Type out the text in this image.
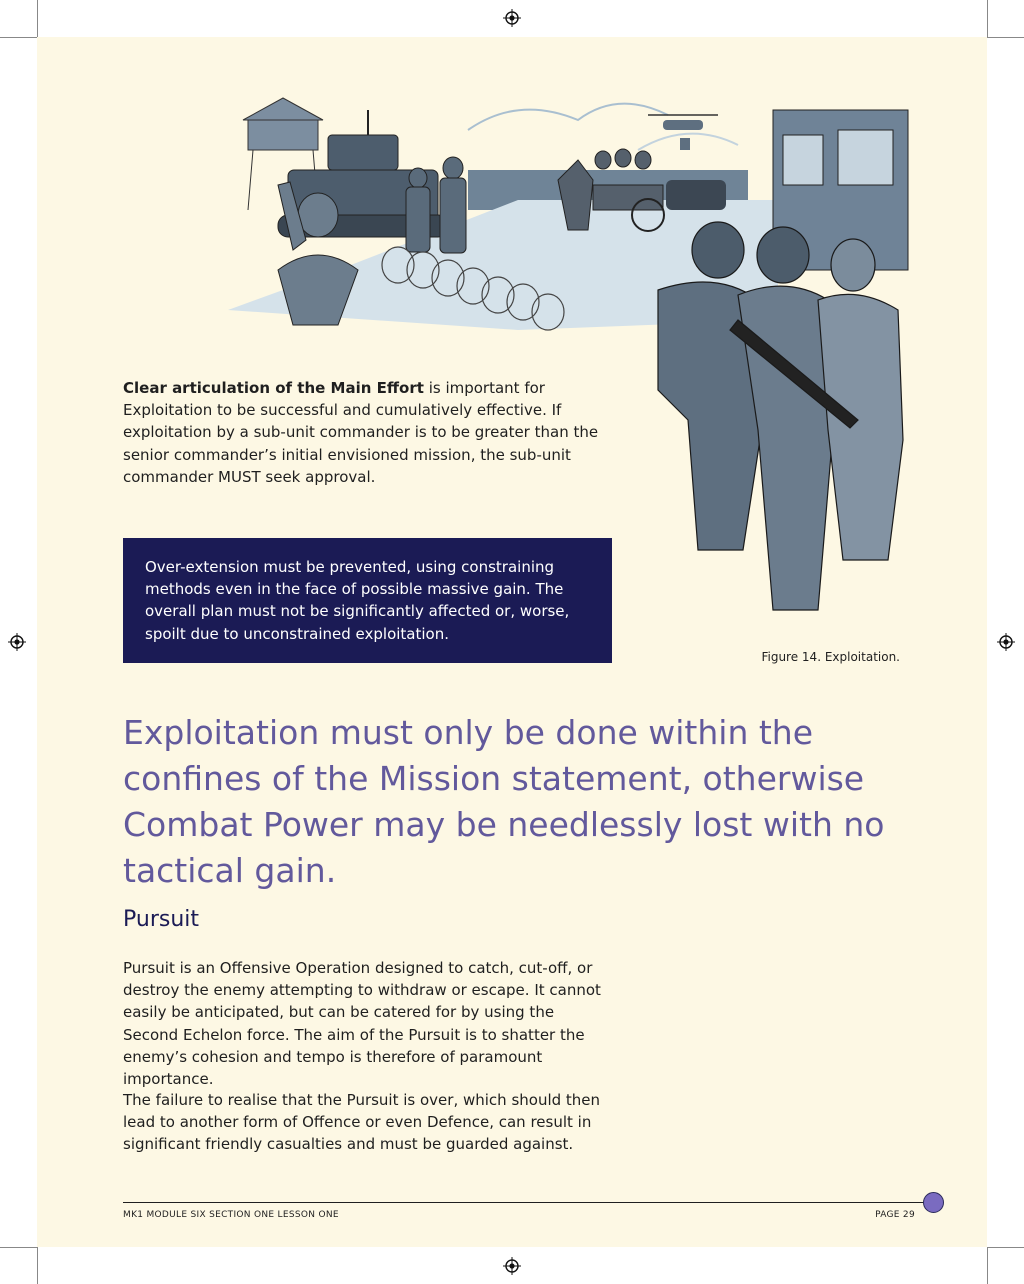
Clear articulation of the Main Effort is important for Exploitation to be successful and cumulatively effective. If exploitation by a sub-unit commander is to be greater than the senior commander’s initial envisioned mission, the sub-unit commander MUST seek approval.
Over-extension must be prevented, using constraining methods even in the face of possible massive gain. The overall plan must not be significantly affected or, worse, spoilt due to unconstrained exploitation.
Figure 14. Exploitation.
Exploitation must only be done within the confines of the Mission statement, otherwise Combat Power may be needlessly lost with no tactical gain.
Pursuit
Pursuit is an Offensive Operation designed to catch, cut-off, or destroy the enemy attempting to withdraw or escape. It cannot easily be anticipated, but can be catered for by using the Second Echelon force. The aim of the Pursuit is to shatter the enemy’s cohesion and tempo is therefore of paramount importance.
The failure to realise that the Pursuit is over, which should then lead to another form of Offence or even Defence, can result in significant friendly casualties and must be guarded against.
MK1 MODULE SIX SECTION ONE LESSON ONE	PAGE 29
